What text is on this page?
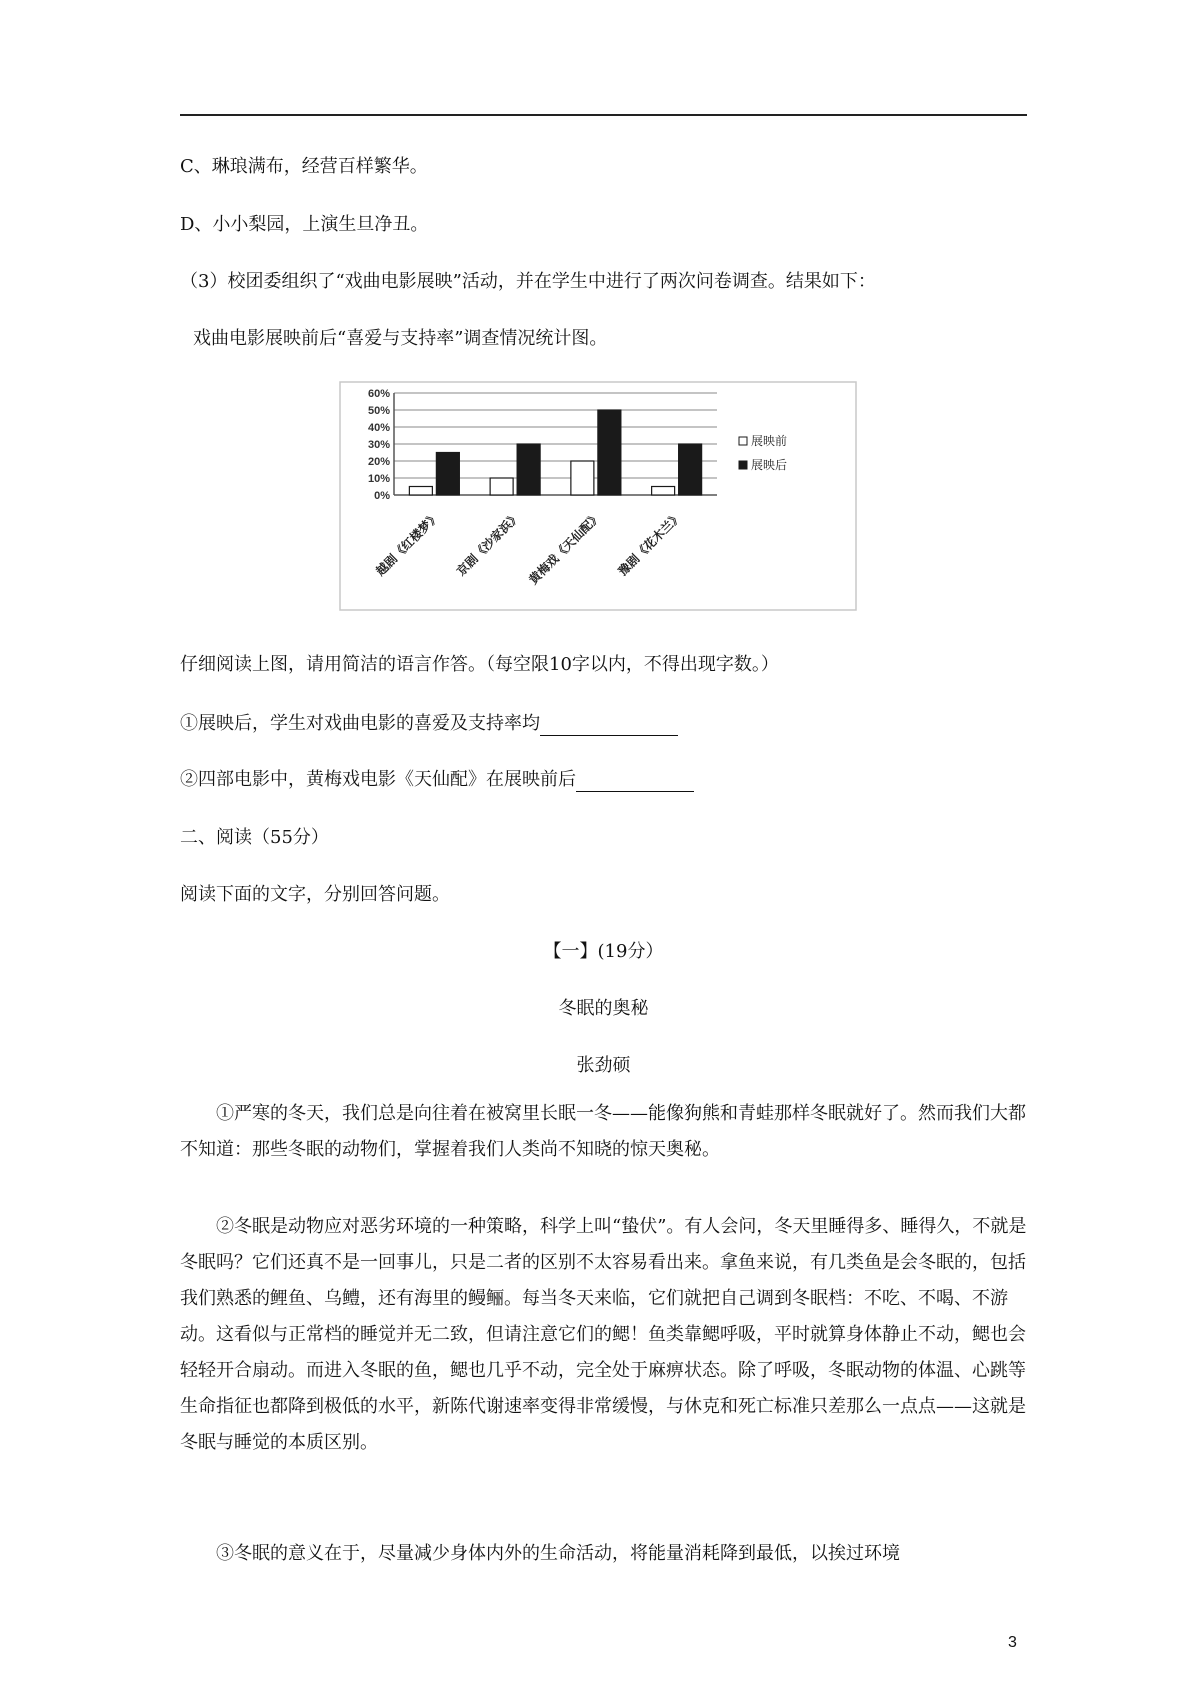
C、琳琅满布，经营百样繁华。
D、小小梨园，上演生旦净丑。
（3）校团委组织了“戏曲电影展映”活动，并在学生中进行了两次问卷调查。结果如下：
戏曲电影展映前后“喜爱与支持率”调查情况统计图。
0%
10%
20%
30%
40%
50%
60%
越剧《红楼梦》 京剧《沙家浜》 黄梅戏《天仙配》 豫剧《花木兰》
展映前
展映后
仔细阅读上图，请用简洁的语言作答。（每空限10字以内，不得出现字数。）
①展映后，学生对戏曲电影的喜爱及支持率均
②四部电影中，黄梅戏电影《天仙配》在展映前后
二、阅读（55分）
阅读下面的文字，分别回答问题。
【一】(19分）
冬眠的奥秘
张劲硕
①严寒的冬天，我们总是向往着在被窝里长眠一冬——能像狗熊和青蛙那样冬眠就好了。然而我们大都不知道：那些冬眠的动物们，掌握着我们人类尚不知晓的惊天奥秘。
②冬眠是动物应对恶劣环境的一种策略，科学上叫“蛰伏”。有人会问，冬天里睡得多、睡得久，不就是冬眠吗？它们还真不是一回事儿，只是二者的区别不太容易看出来。拿鱼来说，有几类鱼是会冬眠的，包括我们熟悉的鲤鱼、乌鳢，还有海里的鳗鲡。每当冬天来临，它们就把自己调到冬眠档：不吃、不喝、不游动。这看似与正常档的睡觉并无二致，但请注意它们的鳃！鱼类靠鳃呼吸，平时就算身体静止不动，鳃也会轻轻开合扇动。而进入冬眠的鱼，鳃也几乎不动，完全处于麻痹状态。除了呼吸，冬眠动物的体温、心跳等生命指征也都降到极低的水平，新陈代谢速率变得非常缓慢，与休克和死亡标准只差那么一点点——这就是冬眠与睡觉的本质区别。
③冬眠的意义在于，尽量减少身体内外的生命活动，将能量消耗降到最低，以挨过环境
3
